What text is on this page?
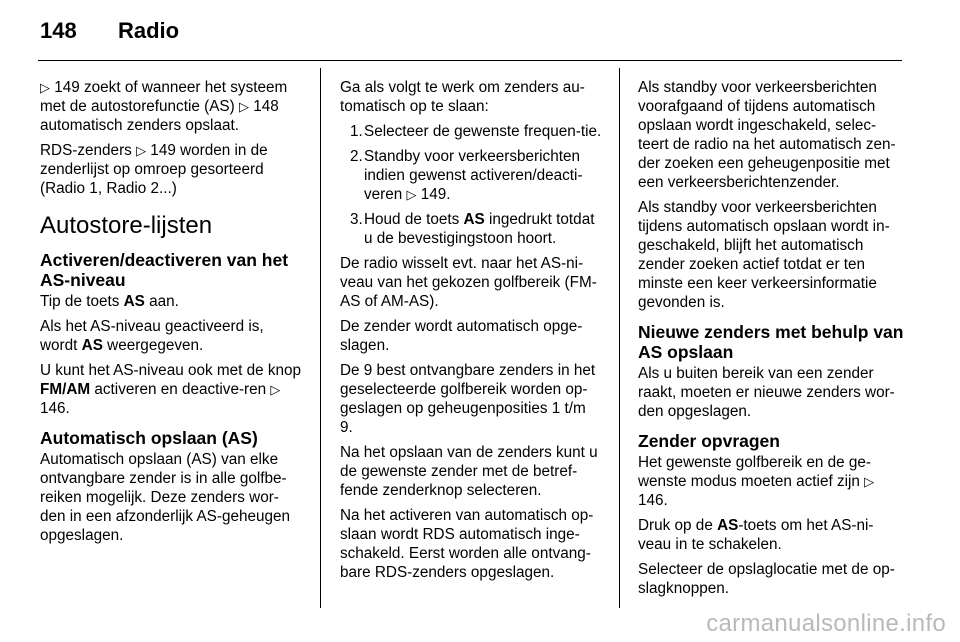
148 Radio

▷ 149 zoekt of wanneer het systeem met de autostorefunctie (AS) ▷ 148 automatisch zenders opslaat.

RDS-zenders ▷ 149 worden in de zenderlijst op omroep gesorteerd (Radio 1, Radio 2...)

Autostore-lijsten
Activeren/deactiveren van het AS-niveau

Tip de toets AS aan.

Als het AS-niveau geactiveerd is, wordt AS weergegeven.

U kunt het AS-niveau ook met de knop FM/AM activeren en deactive-ren ▷ 146.

Automatisch opslaan (AS)

Automatisch opslaan (AS) van elke ontvangbare zender is in alle golfbe-reiken mogelijk. Deze zenders wor-den in een afzonderlijk AS-geheugen opgeslagen.

Ga als volgt te werk om zenders au-tomatisch op te slaan:

1. Selecteer de gewenste frequen-tie.
2. Standby voor verkeersberichten indien gewenst activeren/deacti-veren ▷ 149.
3. Houd de toets AS ingedrukt totdat u de bevestigingstoon hoort.

De radio wisselt evt. naar het AS-ni-veau van het gekozen golfbereik (FM-AS of AM-AS).

De zender wordt automatisch opge-slagen.

De 9 best ontvangbare zenders in het geselecteerde golfbereik worden op-geslagen op geheugenposities 1 t/m 9.

Na het opslaan van de zenders kunt u de gewenste zender met de betref-fende zenderknop selecteren.

Na het activeren van automatisch op-slaan wordt RDS automatisch inge-schakeld. Eerst worden alle ontvang-bare RDS-zenders opgeslagen.

Als standby voor verkeersberichten voorafgaand of tijdens automatisch opslaan wordt ingeschakeld, selec-teert de radio na het automatisch zen-der zoeken een geheugenpositie met een verkeersberichtenzender.

Als standby voor verkeersberichten tijdens automatisch opslaan wordt in-geschakeld, blijft het automatisch zender zoeken actief totdat er ten minste een keer verkeersinformatie gevonden is.

Nieuwe zenders met behulp van AS opslaan

Als u buiten bereik van een zender raakt, moeten er nieuwe zenders wor-den opgeslagen.

Zender opvragen

Het gewenste golfbereik en de ge-wenste modus moeten actief zijn ▷ 146.

Druk op de AS-toets om het AS-ni-veau in te schakelen.

Selecteer de opslaglocatie met de op-slagknoppen.

carmanualsonline.info
